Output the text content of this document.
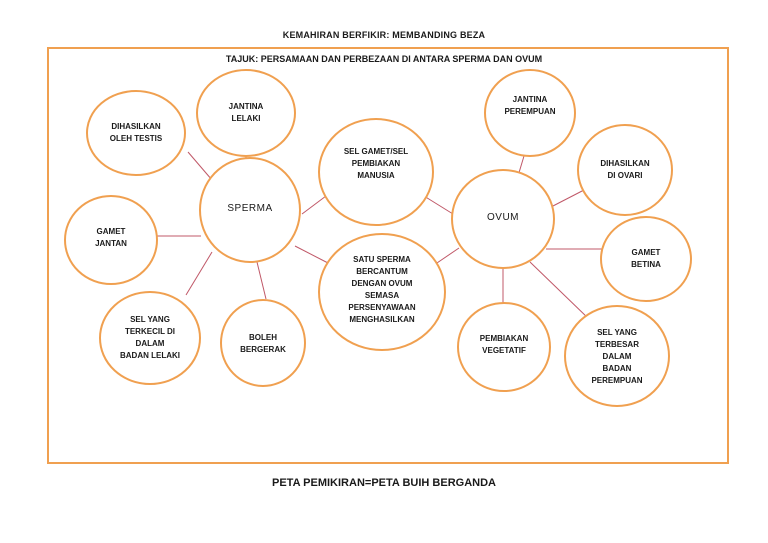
KEMAHIRAN BERFIKIR: MEMBANDING BEZA
TAJUK: PERSAMAAN DAN PERBEZAAN DI ANTARA SPERMA DAN OVUM
JANTINA
LELAKI
DIHASILKAN
OLEH TESTIS
GAMET
JANTAN
SEL YANG
TERKECIL DI
DALAM
BADAN LELAKI
BOLEH
BERGERAK
SPERMA
SEL GAMET/SEL
PEMBIAKAN
MANUSIA
SATU SPERMA
BERCANTUM
DENGAN OVUM
SEMASA
PERSENYAWAAN
MENGHASILKAN
OVUM
JANTINA
PEREMPUAN
DIHASILKAN
DI OVARI
GAMET
BETINA
SEL YANG
TERBESAR
DALAM
BADAN
PEREMPUAN
PEMBIAKAN
VEGETATIF
PETA PEMIKIRAN=PETA BUIH BERGANDA
